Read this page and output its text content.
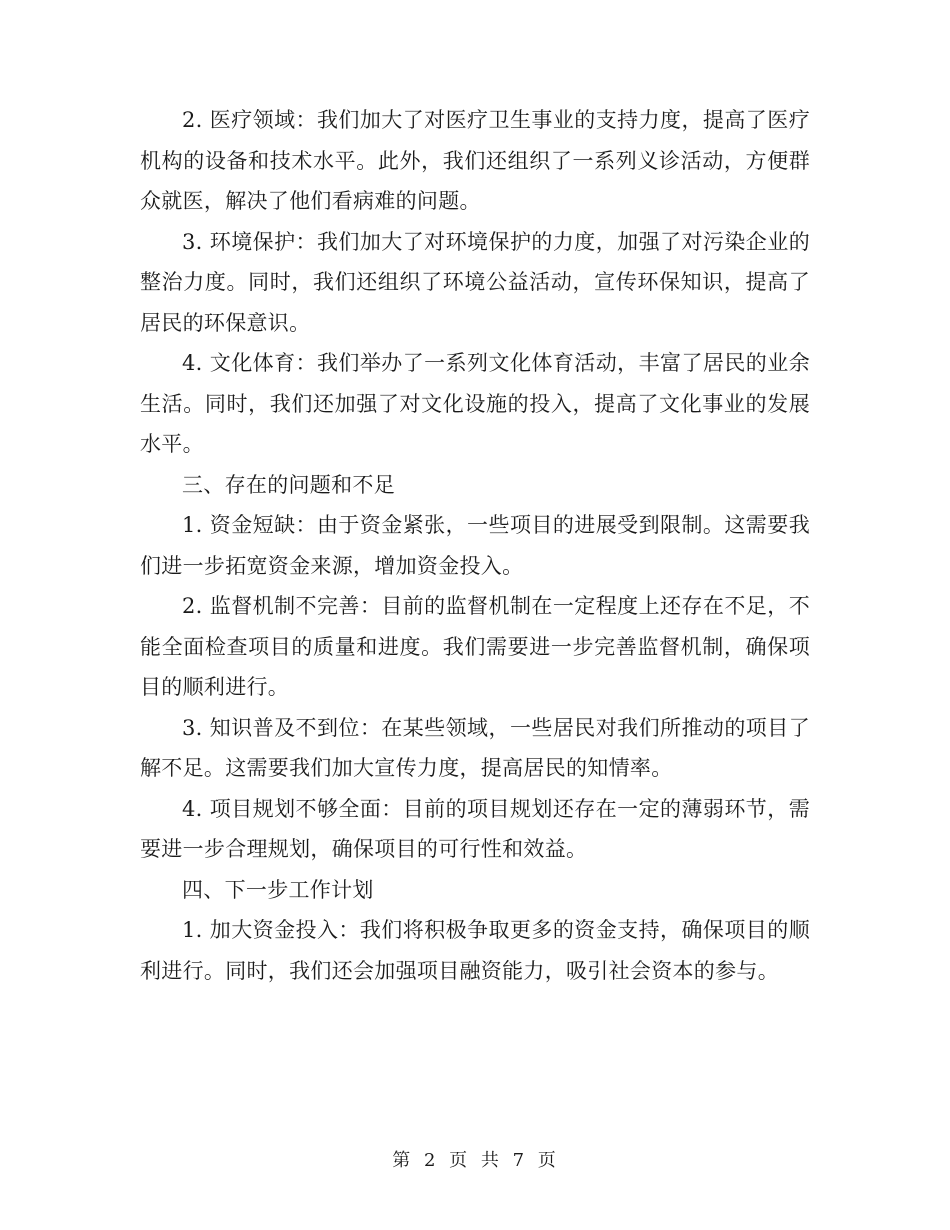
2. 医疗领域：我们加大了对医疗卫生事业的支持力度，提高了医疗机构的设备和技术水平。此外，我们还组织了一系列义诊活动，方便群众就医，解决了他们看病难的问题。

3. 环境保护：我们加大了对环境保护的力度，加强了对污染企业的整治力度。同时，我们还组织了环境公益活动，宣传环保知识，提高了居民的环保意识。

4. 文化体育：我们举办了一系列文化体育活动，丰富了居民的业余生活。同时，我们还加强了对文化设施的投入，提高了文化事业的发展水平。

三、存在的问题和不足

1. 资金短缺：由于资金紧张，一些项目的进展受到限制。这需要我们进一步拓宽资金来源，增加资金投入。

2. 监督机制不完善：目前的监督机制在一定程度上还存在不足，不能全面检查项目的质量和进度。我们需要进一步完善监督机制，确保项目的顺利进行。

3. 知识普及不到位：在某些领域，一些居民对我们所推动的项目了解不足。这需要我们加大宣传力度，提高居民的知情率。

4. 项目规划不够全面：目前的项目规划还存在一定的薄弱环节，需要进一步合理规划，确保项目的可行性和效益。

四、下一步工作计划

1. 加大资金投入：我们将积极争取更多的资金支持，确保项目的顺利进行。同时，我们还会加强项目融资能力，吸引社会资本的参与。

第 2 页 共 7 页
